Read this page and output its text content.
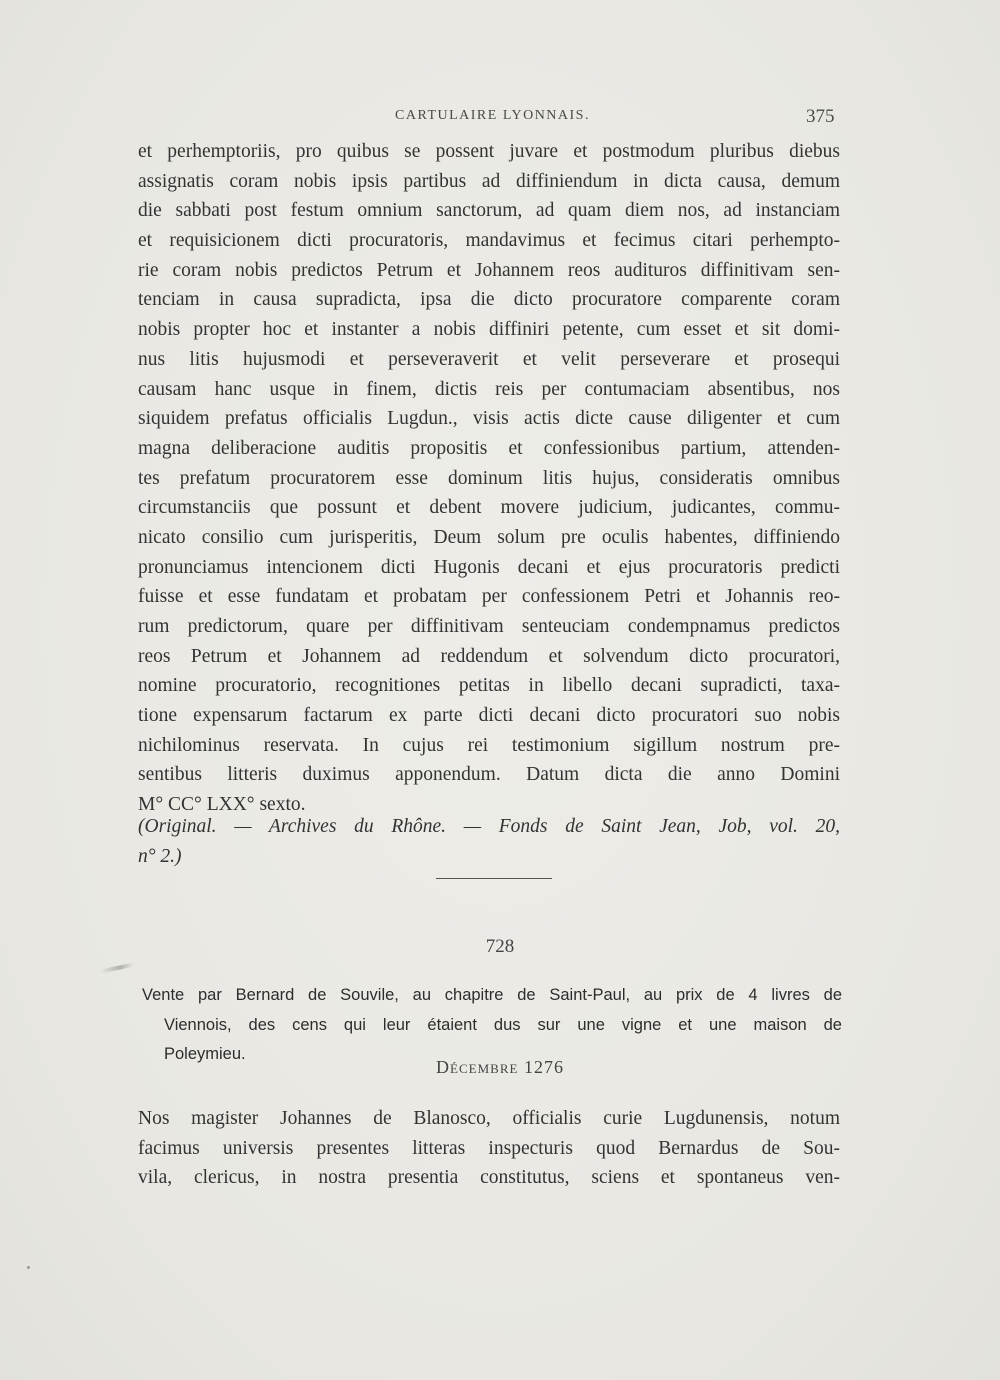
CARTULAIRE LYONNAIS.	375
et perhemptoriis, pro quibus se possent juvare et postmodum pluribus diebus
assignatis coram nobis ipsis partibus ad diffiniendum in dicta causa, demum
die sabbati post festum omnium sanctorum, ad quam diem nos, ad instanciam
et requisicionem dicti procuratoris, mandavimus et fecimus citari perhempto-
rie coram nobis predictos Petrum et Johannem reos audituros diffinitivam sen-
tenciam in causa supradicta, ipsa die dicto procuratore comparente coram
nobis propter hoc et instanter a nobis diffiniri petente, cum esset et sit domi-
nus litis hujusmodi et perseveraverit et velit perseverare et prosequi
causam hanc usque in finem, dictis reis per contumaciam absentibus, nos
siquidem prefatus officialis Lugdun., visis actis dicte cause diligenter et cum
magna deliberacione auditis propositis et confessionibus partium, attenden-
tes prefatum procuratorem esse dominum litis hujus, consideratis omnibus
circumstanciis que possunt et debent movere judicium, judicantes, commu-
nicato consilio cum jurisperitis, Deum solum pre oculis habentes, diffiniendo
pronunciamus intencionem dicti Hugonis decani et ejus procuratoris predicti
fuisse et esse fundatam et probatam per confessionem Petri et Johannis reo-
rum predictorum, quare per diffinitivam senteuciam condempnamus predictos
reos Petrum et Johannem ad reddendum et solvendum dicto procuratori,
nomine procuratorio, recognitiones petitas in libello decani supradicti, taxa-
tione expensarum factarum ex parte dicti decani dicto procuratori suo nobis
nichilominus reservata. In cujus rei testimonium sigillum nostrum pre-
sentibus litteris duximus apponendum. Datum dicta die anno Domini
M° CC° LXX° sexto.
(Original. — Archives du Rhône. — Fonds de Saint Jean, Job, vol. 20,
n° 2.)
728
Vente par Bernard de Souvile, au chapitre de Saint-Paul, au prix de 4 livres de
Viennois, des cens qui leur étaient dus sur une vigne et une maison de
Poleymieu.
Décembre 1276
Nos magister Johannes de Blanosco, officialis curie Lugdunensis, notum
facimus universis presentes litteras inspecturis quod Bernardus de Sou-
vila, clericus, in nostra presentia constitutus, sciens et spontaneus ven-
